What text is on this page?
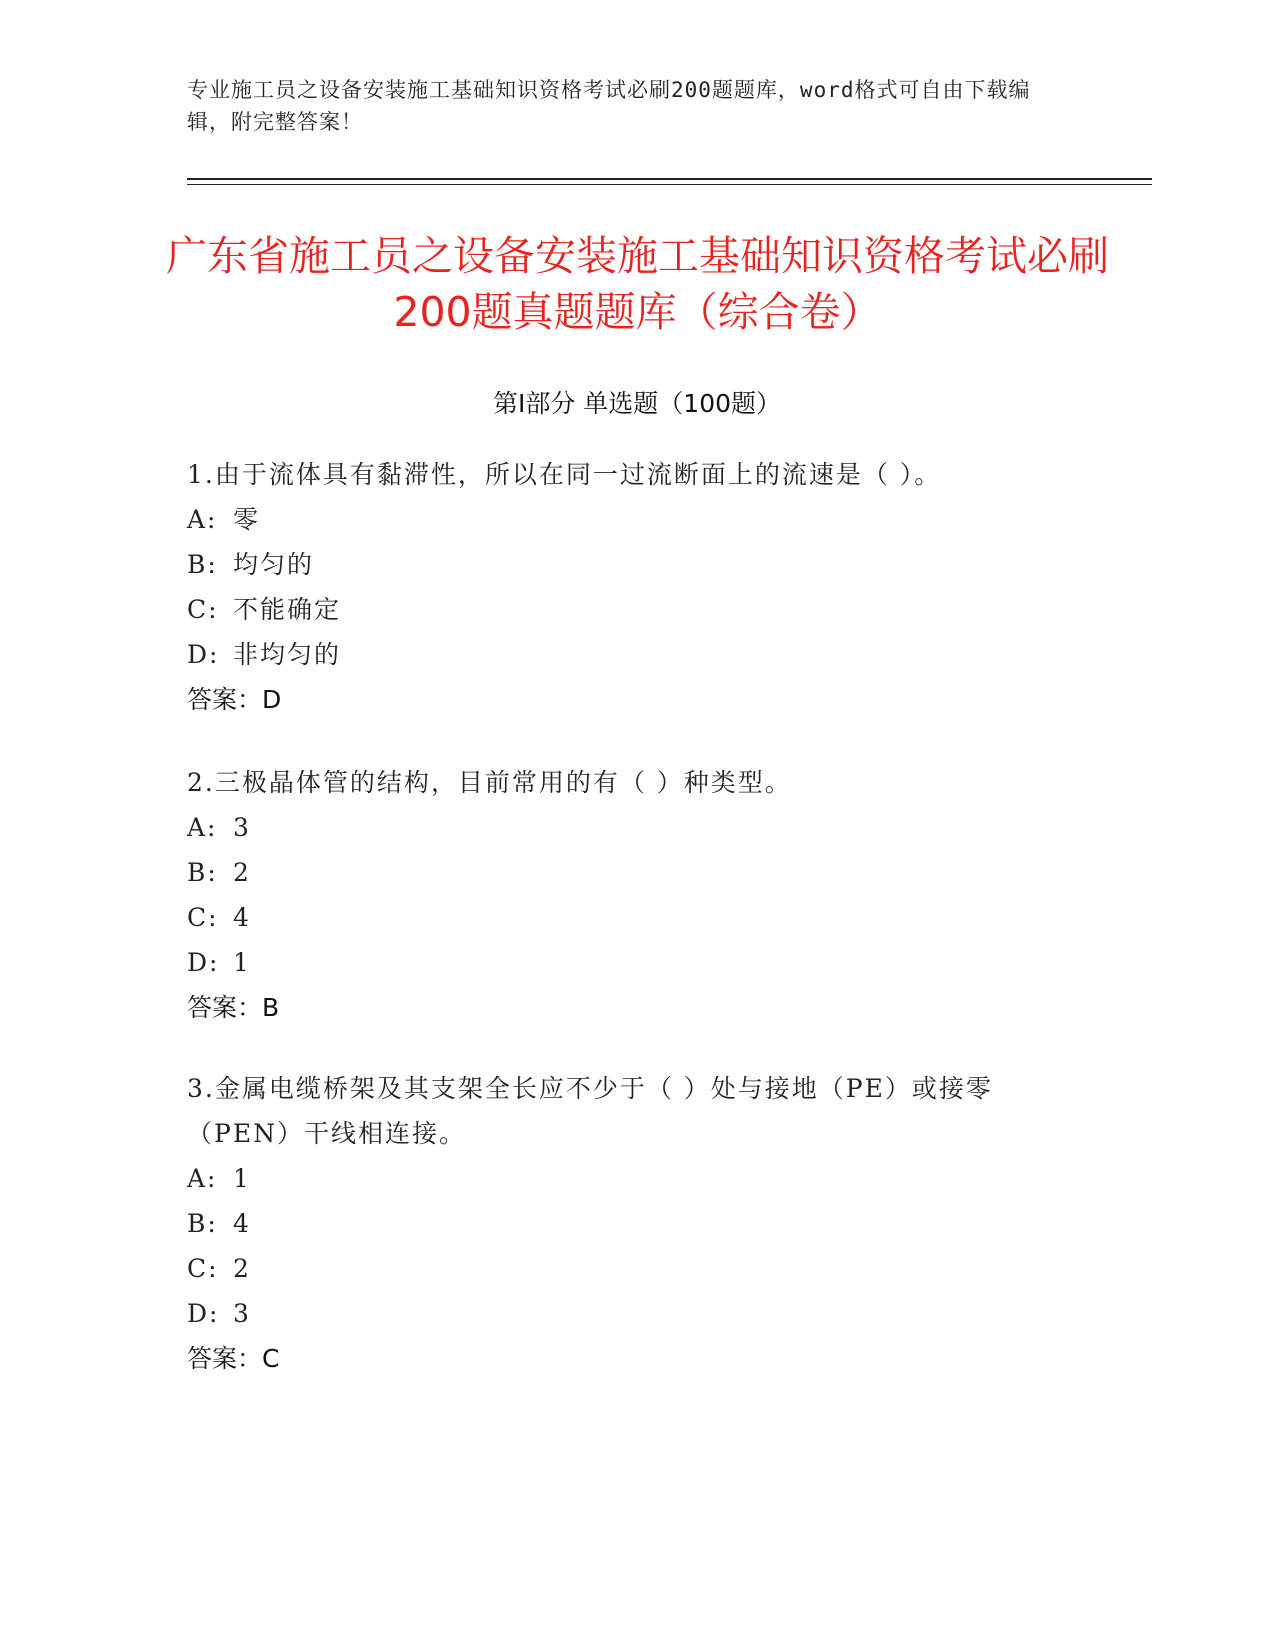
专业施工员之设备安装施工基础知识资格考试必刷200题题库，word格式可自由下载编辑，附完整答案！
广东省施工员之设备安装施工基础知识资格考试必刷200题真题题库（综合卷）
第Ⅰ部分 单选题（100题）
1.由于流体具有黏滞性，所以在同一过流断面上的流速是（ ）。
A: 零
B: 均匀的
C: 不能确定
D: 非均匀的
答案：D
2.三极晶体管的结构，目前常用的有（ ）种类型。
A: 3
B: 2
C: 4
D: 1
答案：B
3.金属电缆桥架及其支架全长应不少于（ ）处与接地（PE）或接零（PEN）干线相连接。
A: 1
B: 4
C: 2
D: 3
答案：C
